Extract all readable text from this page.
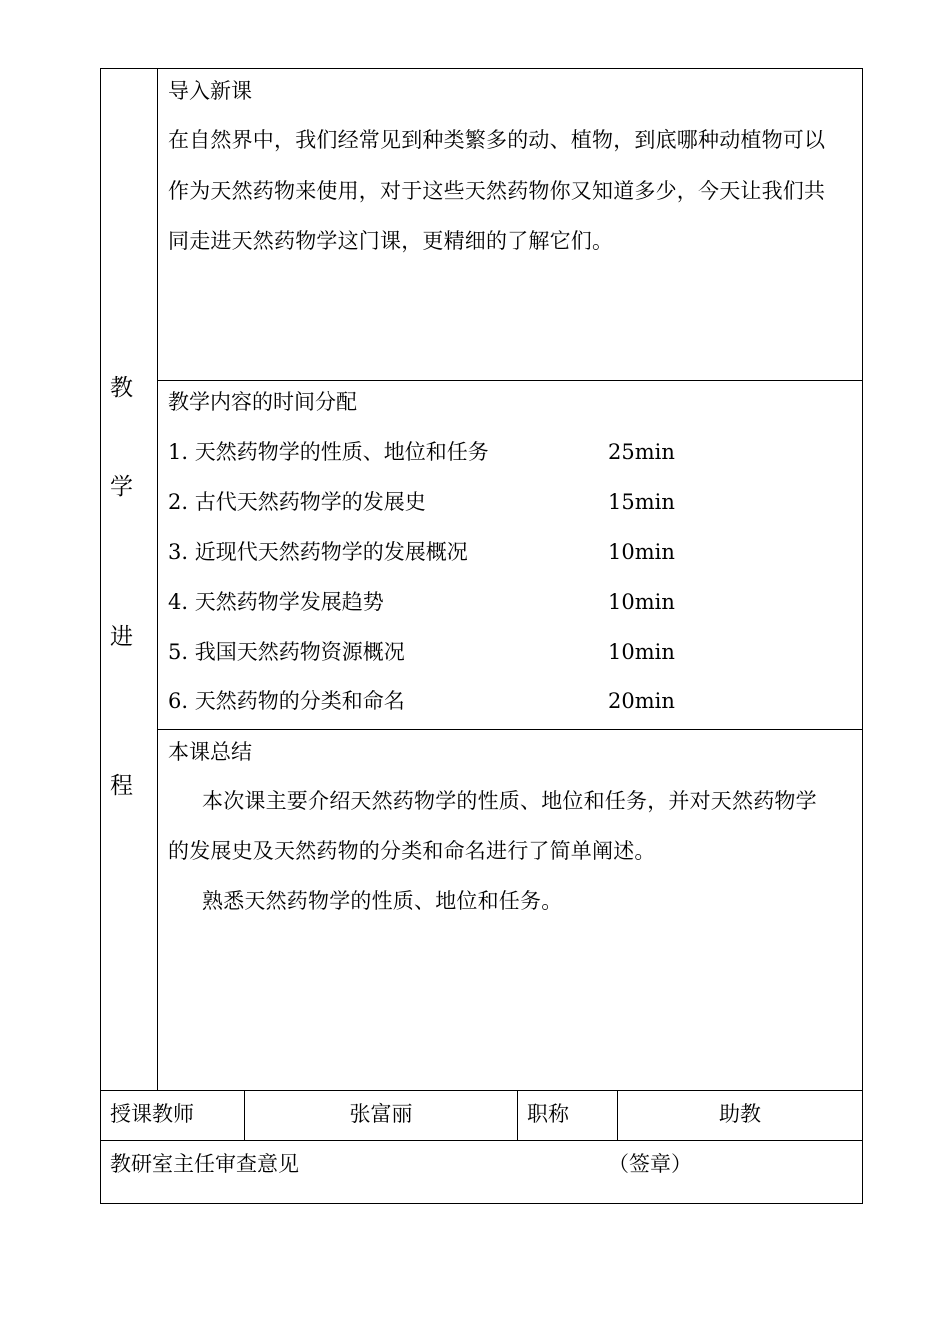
教
学
进
程
导入新课
在自然界中，我们经常见到种类繁多的动、植物，到底哪种动植物可以
作为天然药物来使用，对于这些天然药物你又知道多少，今天让我们共
同走进天然药物学这门课，更精细的了解它们。
教学内容的时间分配
1. 天然药物学的性质、地位和任务	25min
2. 古代天然药物学的发展史	15min
3. 近现代天然药物学的发展概况	10min
4. 天然药物学发展趋势	10min
5. 我国天然药物资源概况	10min
6. 天然药物的分类和命名	20min
本课总结
本次课主要介绍天然药物学的性质、地位和任务，并对天然药物学
的发展史及天然药物的分类和命名进行了简单阐述。
熟悉天然药物学的性质、地位和任务。
授课教师	张富丽	职称	助教
教研室主任审查意见	（签章）
